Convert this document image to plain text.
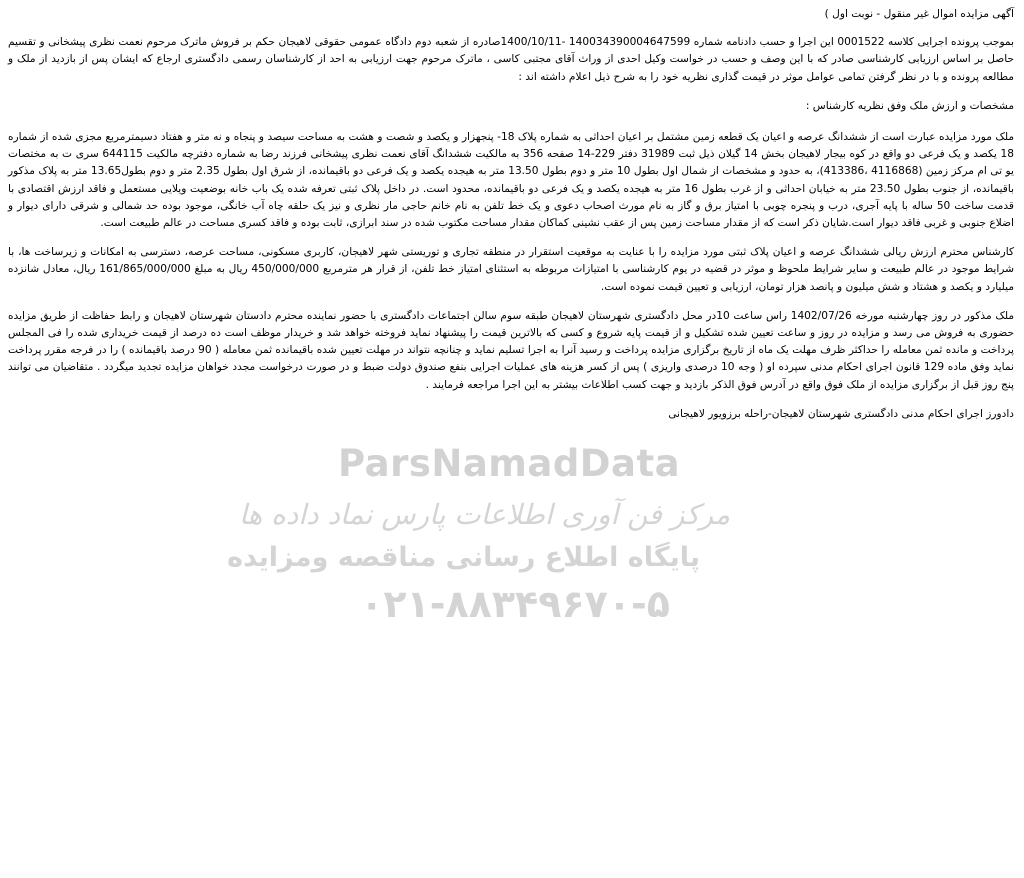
آگهی مزایده اموال غیر منقول - نوبت اول )

بموجب پرونده اجرایی کلاسه 0001522 این اجرا و حسب دادنامه شماره 140034390004647599 -1400/10/11صادره از شعبه دوم دادگاه عمومی حقوقی لاهیجان حکم بر فروش ماترک مرحوم نعمت نظری پیشخانی و تقسیم حاصل بر اساس ارزیابی کارشناسی صادر که با این وصف و حسب در خواست وکیل احدی از وراث آقای مجتبی کاسی ، ماترک مرحوم جهت ارزیابی به احد از کارشناسان رسمی دادگستری ارجاع که ایشان پس از بازدید از ملک و مطالعه پرونده و با در نظر گرفتن تمامی عوامل موثر در قیمت گذاری نظریه خود را به شرح ذیل اعلام داشته اند :

مشخصات و ارزش ملک وفق نظریه کارشناس :

ملک مورد مزایده عبارت است از ششدانگ عرصه و اعیان یک قطعه زمین مشتمل بر اعیان احداثی به شماره پلاک 18- پنجهزار و یکصد و شصت و هشت به مساحت سیصد و پنجاه و نه متر و هفتاد دسیمترمربع مجزی شده از شماره 18 یکصد و یک فرعی دو واقع در کوه بیجار لاهیجان بخش 14 گیلان ذیل ثبت 31989 دفتر 229-14 صفحه 356 به مالکیت ششدانگ آقای نعمت نظری پیشخانی فرزند رضا به شماره دفترچه مالکیت 644115 سری ت به مختصات یو تی ام مرکز زمین (4116868 ،413386)، به حدود و مشخصات از شمال اول بطول 10 متر و دوم بطول 13.50 متر به هیجده یکصد و یک فرعی دو باقیمانده، از شرق اول بطول 2.35 متر و دوم بطول13.65 متر به پلاک مذکور باقیمانده، از جنوب بطول 23.50 متر به خیابان احداثی و از غرب بطول 16 متر به هیجده یکصد و یک فرعی دو باقیمانده، محدود است. در داخل پلاک ثبتی تعرفه شده یک باب خانه بوضعیت ویلایی مستعمل و فاقد ارزش اقتصادی با قدمت ساخت 50 ساله با پایه آجری، درب و پنجره چوبی با امتیاز برق و گاز به نام مورث اصحاب دعوی و یک خط تلفن به نام خانم حاجی مار نظری و نیز یک حلقه چاه آب خانگی، موجود بوده حد شمالی و شرقی دارای دیوار و اضلاع جنوبی و غربی فاقد دیوار است.شایان ذکر است که از مقدار مساحت زمین پس از عقب نشینی کماکان مقدار مساحت مکتوب شده در سند ابرازی، ثابت بوده و فاقد کسری مساحت در عالم طبیعت است.

کارشناس محترم ارزش ریالی ششدانگ عرصه و اعیان پلاک ثبتی مورد مزایده را با عنایت به موقعیت استقرار در منطقه تجاری و توریستی شهر لاهیجان، کاربری مسکونی، مساحت عرصه، دسترسی به امکانات و زیرساخت ها، با شرایط موجود در عالم طبیعت و سایر شرایط ملحوظ و موثر در قضیه در یوم کارشناسی با امتیازات مربوطه به استثنای امتیاز خط تلفن، از قرار هر مترمربع 450/000/000 ریال به مبلغ 161/865/000/000 ریال، معادل شانزده میلیارد و یکصد و هشتاد و شش میلیون و پانصد هزار تومان، ارزیابی و تعیین قیمت نموده است.

ملک مذکور در روز چهارشنبه مورخه 1402/07/26 راس ساعت 10در محل دادگستری شهرستان لاهیجان طبقه سوم سالن اجتماعات دادگستری با حضور نماینده محترم دادستان شهرستان لاهیجان و رابط حفاظت از طریق مزایده حضوری به فروش می رسد و مزایده در روز و ساعت تعیین شده تشکیل و از قیمت پایه شروع و کسی که بالاترین قیمت را پیشنهاد نماید فروخته خواهد شد و خریدار موظف است ده درصد از قیمت خریداری شده را فی المجلس پرداخت و مانده ثمن معامله را حداکثر ظرف مهلت یک ماه از تاریخ برگزاری مزایده پرداخت و رسید آنرا به اجرا تسلیم نماید و چنانچه نتواند در مهلت تعیین شده باقیمانده ثمن معامله ( 90 درصد باقیمانده ) را در فرجه مقرر پرداخت نماید وفق ماده 129 قانون اجرای احکام مدنی سپرده او ( وجه 10 درصدی واریزی ) پس از کسر هزینه های عملیات اجرایی بنفع صندوق دولت ضبط و در صورت درخواست مجدد خواهان مزایده تجدید میگردد . متقاضیان می توانند پنج روز قبل از برگزاری مزایده از ملک فوق واقع در آدرس فوق الذکر بازدید و جهت کسب اطلاعات بیشتر به این اجرا مراجعه فرمایند .

دادورز اجرای احکام مدنی دادگستری شهرستان لاهیجان-راحله برزویور لاهیجانی

ParsNamadData
مرکز فن آوری اطلاعات پارس نماد داده ها
پایگاه اطلاع رسانی مناقصه ومزایده
۰۲۱-۸۸۳۴۹۶۷۰-۵
